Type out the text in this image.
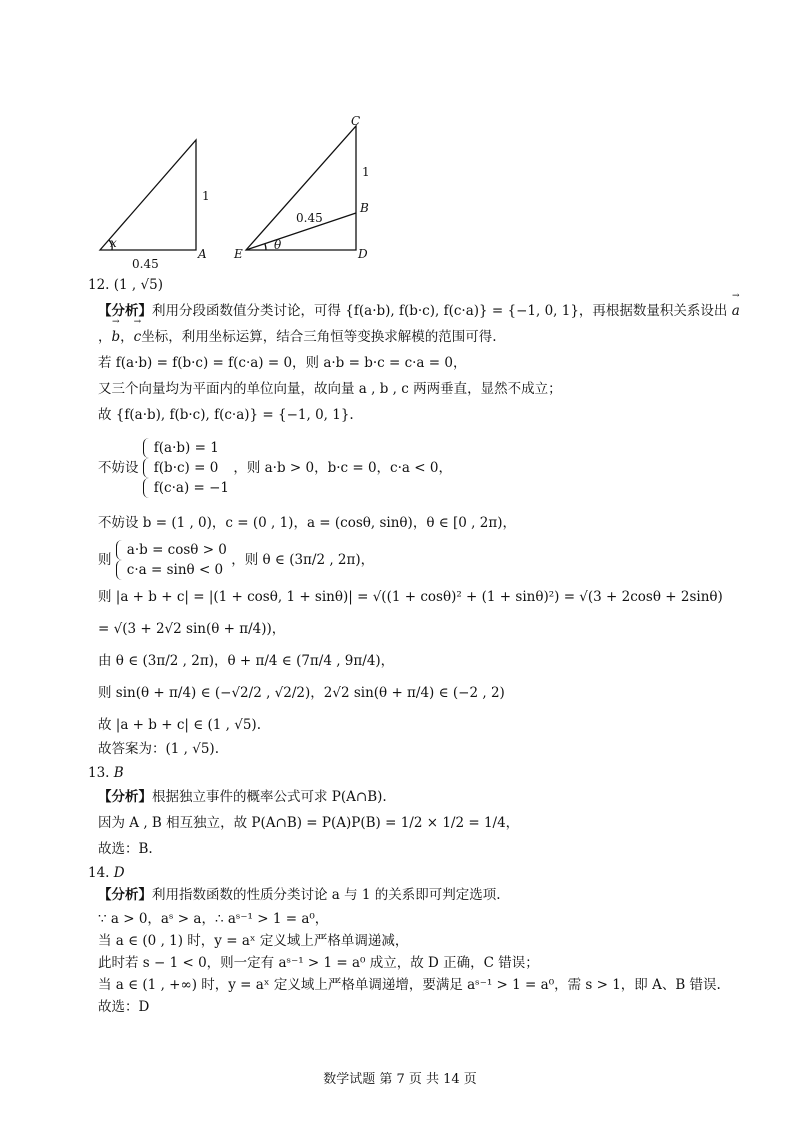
x
0.45
1
A
C
B
E	D
1
0.45
θ
12. (1 , √5)
【分析】利用分段函数值分类讨论，可得 {f(a·b), f(b·c), f(c·a)} = {−1, 0, 1}，再根据数量积关系设出 → a
，→ b，→ c坐标，利用坐标运算，结合三角恒等变换求解模的范围可得.
若 f(a·b) = f(b·c) = f(c·a) = 0，则 a·b = b·c = c·a = 0，
又三个向量均为平面内的单位向量，故向量 a , b , c 两两垂直，显然不成立；
故 {f(a·b), f(b·c), f(c·a)} = {−1, 0, 1}.
不妨设
f(a·b) = 1
f(b·c) = 0
f(c·a) = −1
，则 a·b > 0，b·c = 0，c·a < 0，
不妨设 b = (1 , 0)，c = (0 , 1)，a = (cosθ, sinθ)，θ ∈ [0 , 2π)，
则
a·b = cosθ > 0
c·a = sinθ < 0
，则 θ ∈ (3π/2 , 2π)，
则 |a + b + c| = |(1 + cosθ, 1 + sinθ)| = √((1 + cosθ)² + (1 + sinθ)²) = √(3 + 2cosθ + 2sinθ)
= √(3 + 2√2 sin(θ + π/4))，
由 θ ∈ (3π/2 , 2π)，θ + π/4 ∈ (7π/4 , 9π/4)，
则 sin(θ + π/4) ∈ (−√2/2 , √2/2)，2√2 sin(θ + π/4) ∈ (−2 , 2)
故 |a + b + c| ∈ (1 , √5).
故答案为：(1 , √5).
13. B
【分析】根据独立事件的概率公式可求 P(A∩B).
因为 A , B 相互独立，故 P(A∩B) = P(A)P(B) = 1/2 × 1/2 = 1/4，
故选：B.
14. D
【分析】利用指数函数的性质分类讨论 a 与 1 的关系即可判定选项.
∵ a > 0，aˢ > a，∴ aˢ⁻¹ > 1 = a⁰，
当 a ∈ (0 , 1) 时，y = aˣ 定义域上严格单调递减，
此时若 s − 1 < 0，则一定有 aˢ⁻¹ > 1 = a⁰ 成立，故 D 正确，C 错误；
当 a ∈ (1 , +∞) 时，y = aˣ 定义域上严格单调递增，要满足 aˢ⁻¹ > 1 = a⁰，需 s > 1，即 A、B 错误.
故选：D
数学试题 第 7 页 共 14 页
